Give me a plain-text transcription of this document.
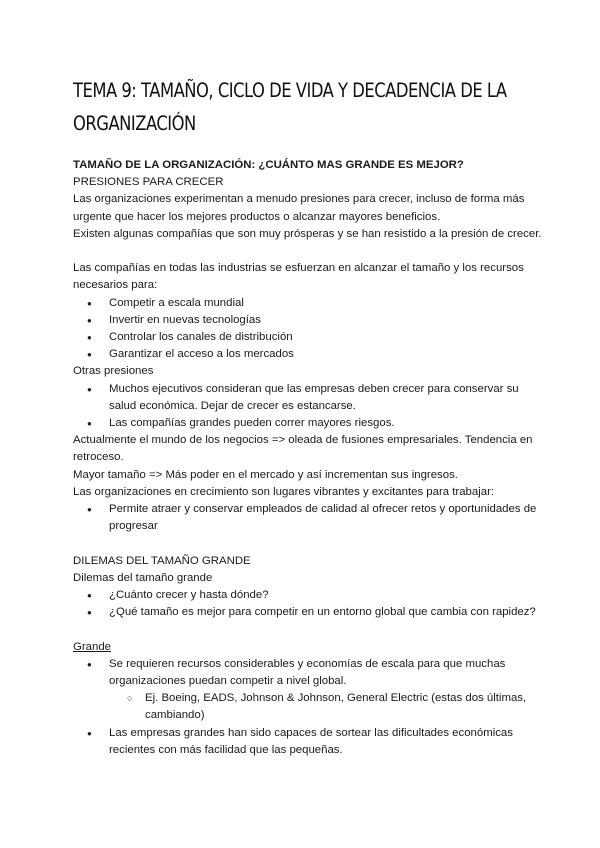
TEMA 9: TAMAÑO, CICLO DE VIDA Y DECADENCIA DE LA
ORGANIZACIÓN

TAMAÑO DE LA ORGANIZACIÓN: ¿CUÁNTO MAS GRANDE ES MEJOR?

PRESIONES PARA CRECER

Las organizaciones experimentan a menudo presiones para crecer, incluso de forma más urgente que hacer los mejores productos o alcanzar mayores beneficios.

Existen algunas compañías que son muy prósperas y se han resistido a la presión de crecer.

Las compañías en todas las industrias se esfuerzan en alcanzar el tamaño y los recursos necesarios para:

● Competir a escala mundial
● Invertir en nuevas tecnologías
● Controlar los canales de distribución
● Garantizar el acceso a los mercados

Otras presiones

● Muchos ejecutivos consideran que las empresas deben crecer para conservar su salud económica. Dejar de crecer es estancarse.
● Las compañías grandes pueden correr mayores riesgos.

Actualmente el mundo de los negocios => oleada de fusiones empresariales. Tendencia en retroceso.

Mayor tamaño => Más poder en el mercado y así incrementan sus ingresos.

Las organizaciones en crecimiento son lugares vibrantes y excitantes para trabajar:

● Permite atraer y conservar empleados de calidad al ofrecer retos y oportunidades de progresar

DILEMAS DEL TAMAÑO GRANDE

Dilemas del tamaño grande

● ¿Cuánto crecer y hasta dónde?
● ¿Qué tamaño es mejor para competir en un entorno global que cambia con rapidez?

Grande

● Se requieren recursos considerables y economías de escala para que muchas organizaciones puedan competir a nivel global.
○ Ej. Boeing, EADS, Johnson & Johnson, General Electric (estas dos últimas, cambiando)
● Las empresas grandes han sido capaces de sortear las dificultades económicas recientes con más facilidad que las pequeñas.
